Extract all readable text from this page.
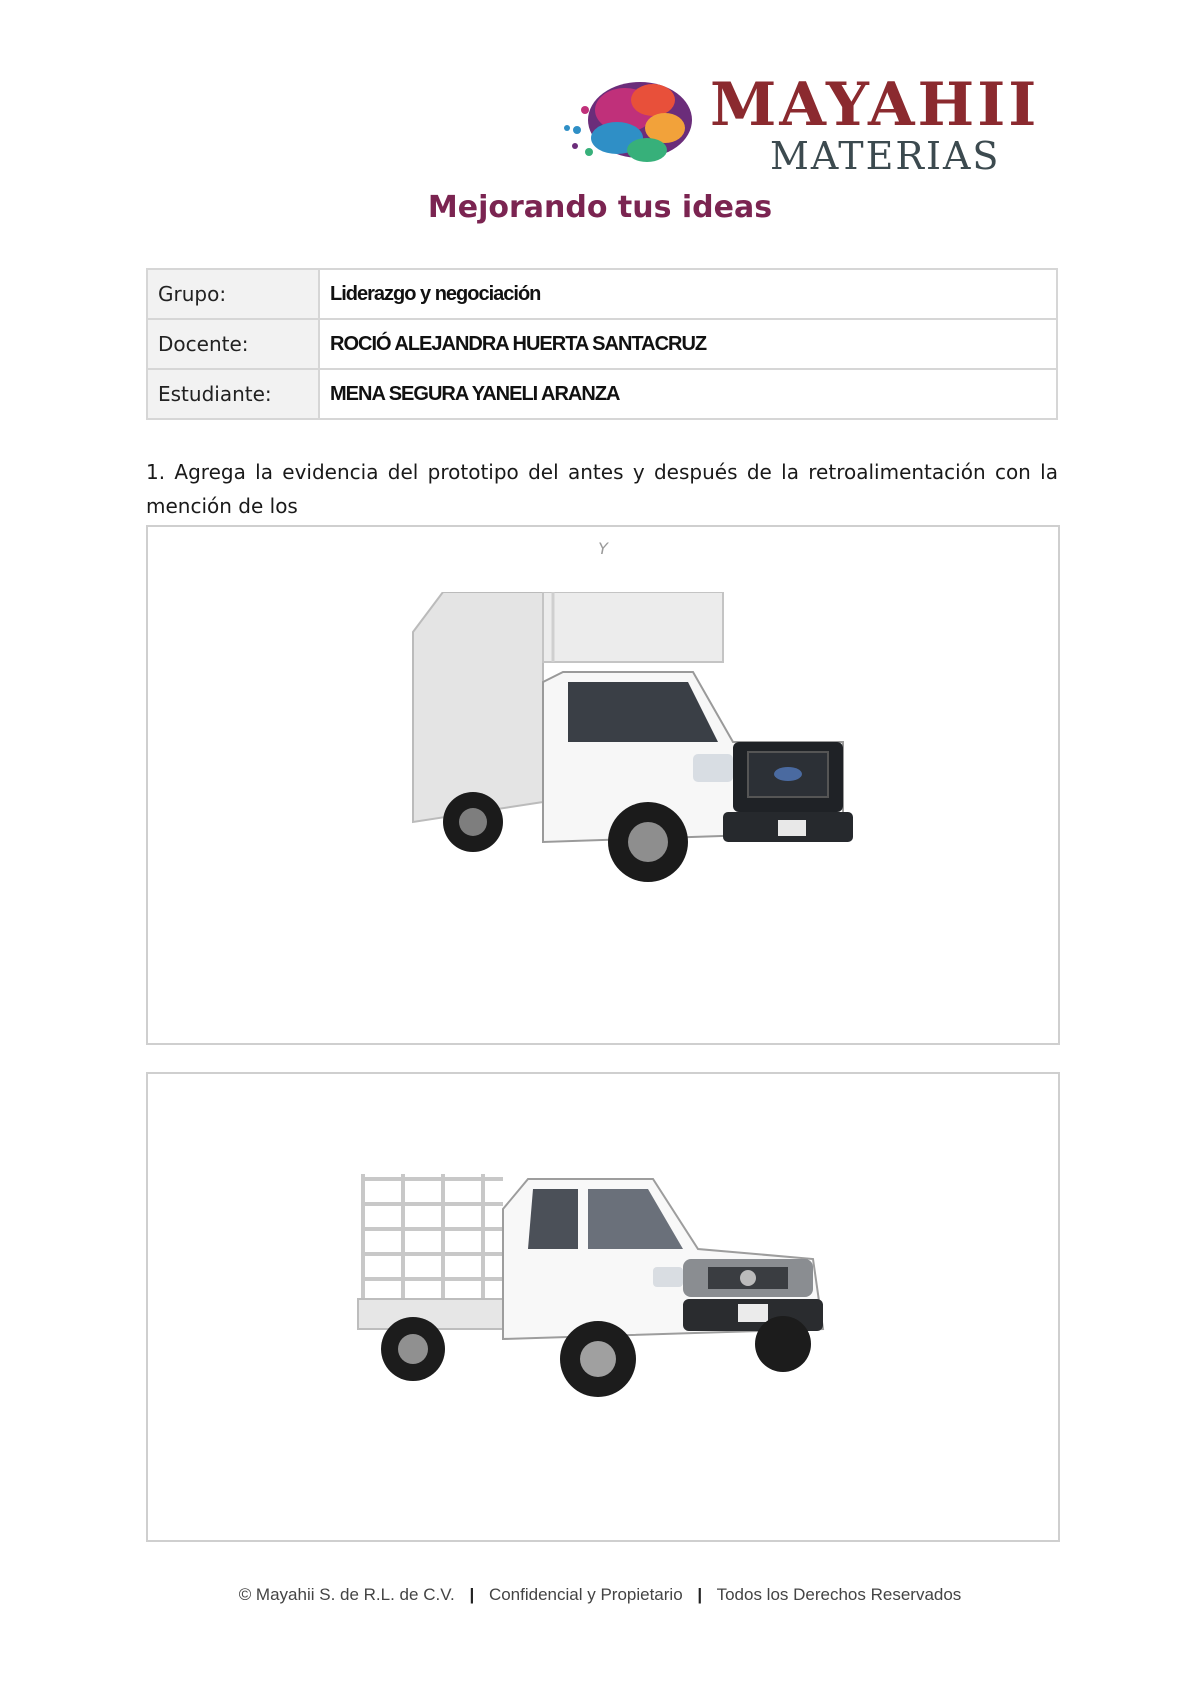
MAYAHII
MATERIAS
Mejorando tus ideas
Grupo:	Liderazgo y negociación
Docente:	ROCIÓ ALEJANDRA HUERTA SANTACRUZ
Estudiante:	MENA SEGURA YANELI ARANZA
1. Agrega la evidencia del prototipo del antes y después de la retroalimentación con la mención de los
Y
© Mayahii S. de R.L. de C.V. | Confidencial y Propietario | Todos los Derechos Reservados
